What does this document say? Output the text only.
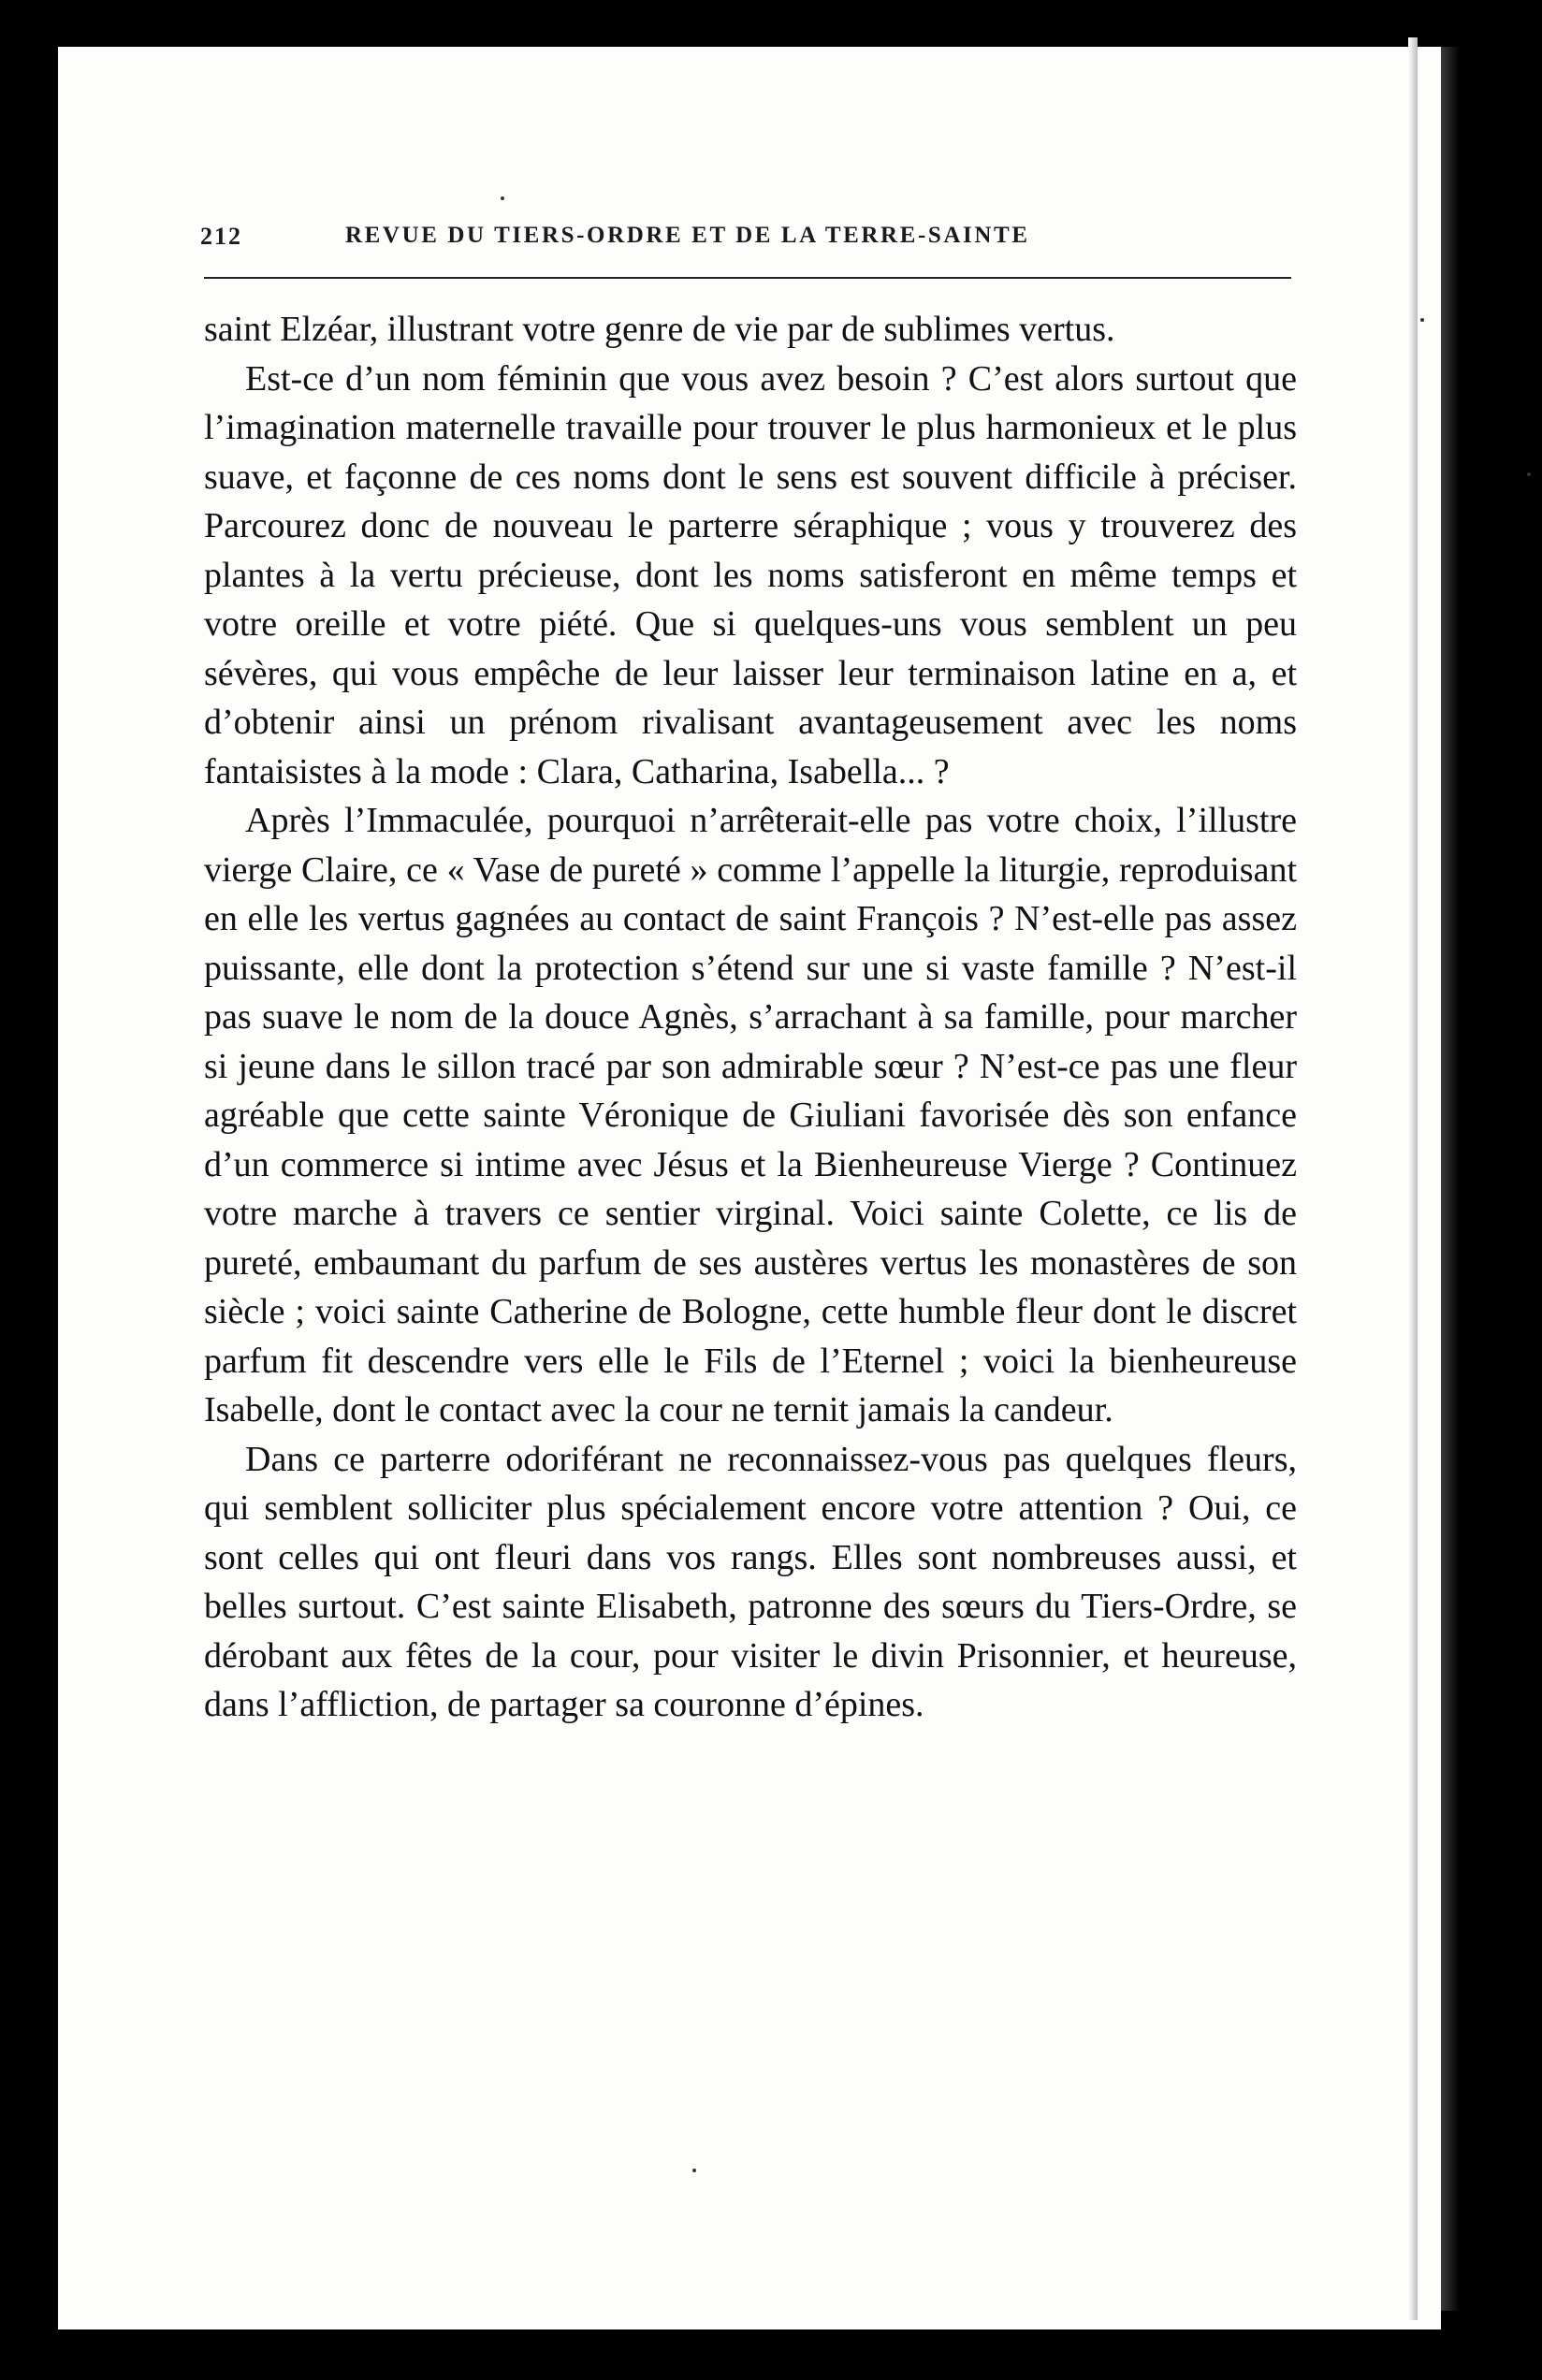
212	REVUE DU TIERS-ORDRE ET DE LA TERRE-SAINTE

saint Elzéar, illustrant votre genre de vie par de sublimes vertus.

Est-ce d’un nom féminin que vous avez besoin ? C’est alors surtout que l’imagination maternelle travaille pour trouver le plus harmonieux et le plus suave, et façonne de ces noms dont le sens est souvent difficile à préciser. Parcourez donc de nouveau le parterre séraphique ; vous y trouverez des plantes à la vertu précieuse, dont les noms satisferont en même temps et votre oreille et votre piété. Que si quelques-uns vous semblent un peu sévères, qui vous empêche de leur laisser leur terminaison latine en a, et d’obtenir ainsi un prénom rivalisant avantageusement avec les noms fantaisistes à la mode : Clara, Catharina, Isabella... ?

Après l’Immaculée, pourquoi n’arrêterait-elle pas votre choix, l’illustre vierge Claire, ce « Vase de pureté » comme l’appelle la liturgie, reproduisant en elle les vertus gagnées au contact de saint François ? N’est-elle pas assez puissante, elle dont la protection s’étend sur une si vaste famille ? N’est-il pas suave le nom de la douce Agnès, s’arrachant à sa famille, pour marcher si jeune dans le sillon tracé par son admirable sœur ? N’est-ce pas une fleur agréable que cette sainte Véronique de Giuliani favorisée dès son enfance d’un commerce si intime avec Jésus et la Bienheureuse Vierge ? Continuez votre marche à travers ce sentier virginal. Voici sainte Colette, ce lis de pureté, embaumant du parfum de ses austères vertus les monastères de son siècle ; voici sainte Catherine de Bologne, cette humble fleur dont le discret parfum fit descendre vers elle le Fils de l’Eternel ; voici la bienheureuse Isabelle, dont le contact avec la cour ne ternit jamais la candeur.

Dans ce parterre odoriférant ne reconnaissez-vous pas quelques fleurs, qui semblent solliciter plus spécialement encore votre attention ? Oui, ce sont celles qui ont fleuri dans vos rangs. Elles sont nombreuses aussi, et belles surtout. C’est sainte Elisabeth, patronne des sœurs du Tiers-Ordre, se dérobant aux fêtes de la cour, pour visiter le divin Prisonnier, et heureuse, dans l’affliction, de partager sa couronne d’épines.
